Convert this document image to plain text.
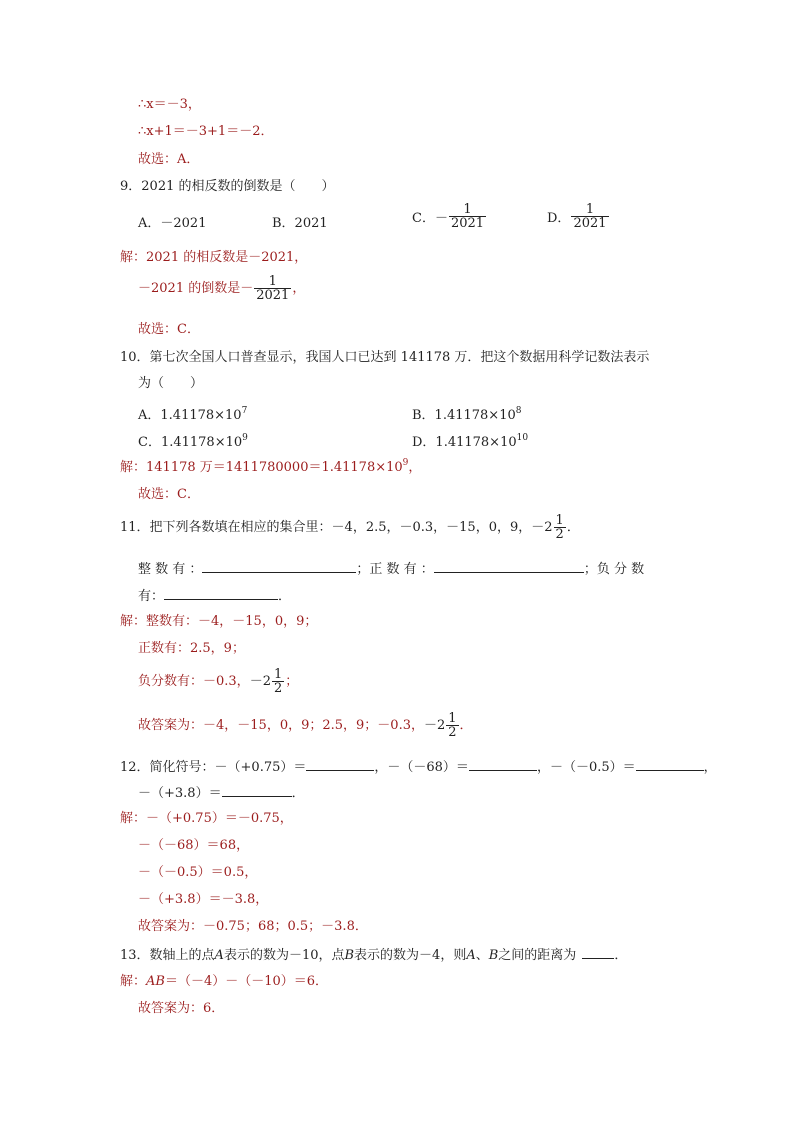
∴x＝－3，
∴x+1＝－3+1＝－2．
故选：A．
9．2021 的相反数的倒数是（　　）
A．－2021	B．2021	C．－ $\frac{1}{2021}$	D． $\frac{1}{2021}$
解：2021 的相反数是－2021，
－2021 的倒数是－ $\frac{1}{2021}$ ，
故选：C．
10．第七次全国人口普查显示，我国人口已达到 141178 万．把这个数据用科学记数法表示
为（　　）
A．$1.41178\times 10^7$	B．$1.41178\times 10^8$
C．$1.41178\times 10^9$	D．$1.41178\times 10^{10}$
解：141178 万$=1411780000=1.41178\times 10^9$，
故选：C．
11．把下列各数填在相应的集合里：－4，2.5，－0.3，－15，0，9，$-2 \frac{1}{2}$ ．
整 数 有 ：	；正 数 有 ：	；负 分 数
有：	．
解：整数有：－4，－15，0，9；
正数有：2.5，9；
负分数有：－0.3，$-2 \frac{1}{2}$ ；
故答案为：－4，－15，0，9；2.5，9；－0.3，$-2 \frac{1}{2}$ ．
12．简化符号：－（+0.75）＝	，－（－68）＝	，－（－0.5）＝	，
－（+3.8）＝	．
解：－（+0.75）＝－0.75，
－（－68）＝68，
－（－0.5）＝0.5，
－（+3.8）＝－3.8，
故答案为：－0.75；68；0.5；－3.8．
13．数轴上的点A表示的数为－10，点B表示的数为－4，则A、B之间的距离为	．
解：AB＝（－4）－（－10）＝6．
故答案为：6．
